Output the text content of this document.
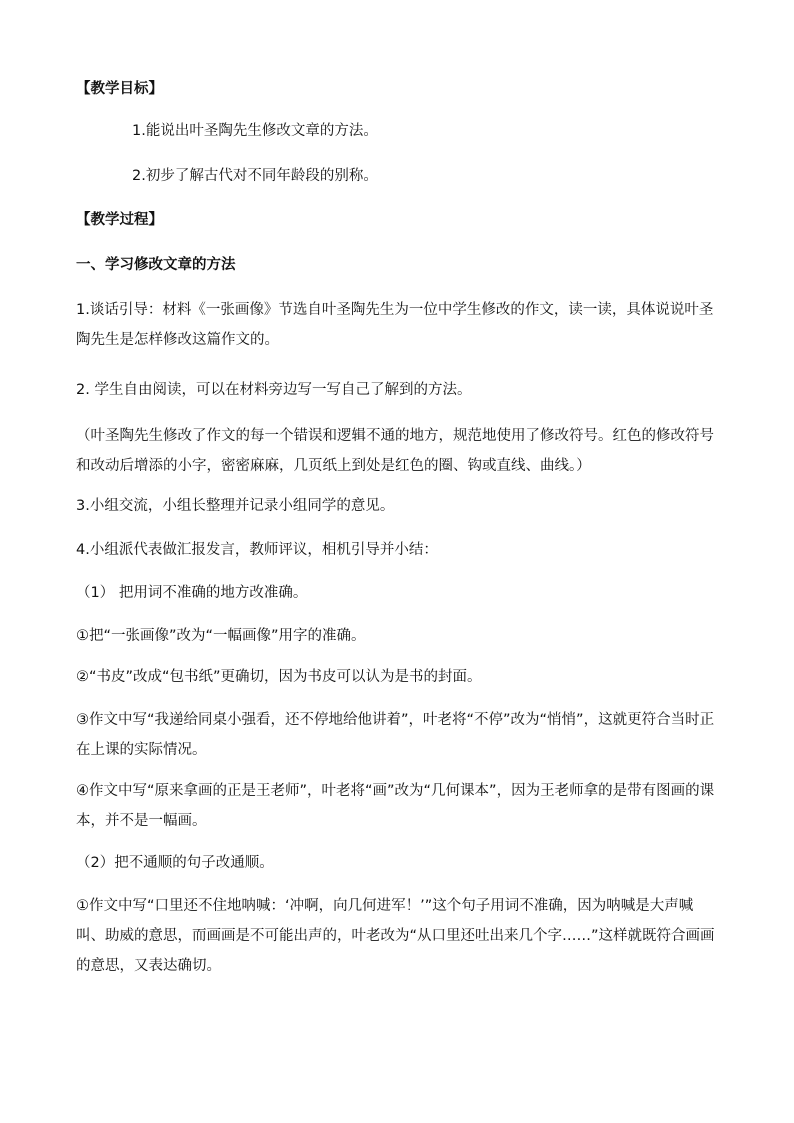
【教学目标】
1.能说出叶圣陶先生修改文章的方法。
2.初步了解古代对不同年龄段的别称。
【教学过程】
一、学习修改文章的方法
1.谈话引导：材料《一张画像》节选自叶圣陶先生为一位中学生修改的作文，读一读，具体说说叶圣陶先生是怎样修改这篇作文的。
2. 学生自由阅读，可以在材料旁边写一写自己了解到的方法。
（叶圣陶先生修改了作文的每一个错误和逻辑不通的地方，规范地使用了修改符号。红色的修改符号和改动后增添的小字，密密麻麻，几页纸上到处是红色的圈、钩或直线、曲线。）
3.小组交流，小组长整理并记录小组同学的意见。
4.小组派代表做汇报发言，教师评议，相机引导并小结：
（1） 把用词不准确的地方改准确。
①把“一张画像”改为“一幅画像”用字的准确。
②“书皮”改成“包书纸”更确切，因为书皮可以认为是书的封面。
③作文中写“我递给同桌小强看，还不停地给他讲着”，叶老将“不停”改为“悄悄”，这就更符合当时正在上课的实际情况。
④作文中写“原来拿画的正是王老师”，叶老将“画”改为“几何课本”，因为王老师拿的是带有图画的课本，并不是一幅画。
（2）把不通顺的句子改通顺。
①作文中写“口里还不住地呐喊：‘冲啊，向几何进军！’”这个句子用词不准确，因为呐喊是大声喊叫、助威的意思，而画画是不可能出声的，叶老改为“从口里还吐出来几个字……”这样就既符合画画的意思，又表达确切。
